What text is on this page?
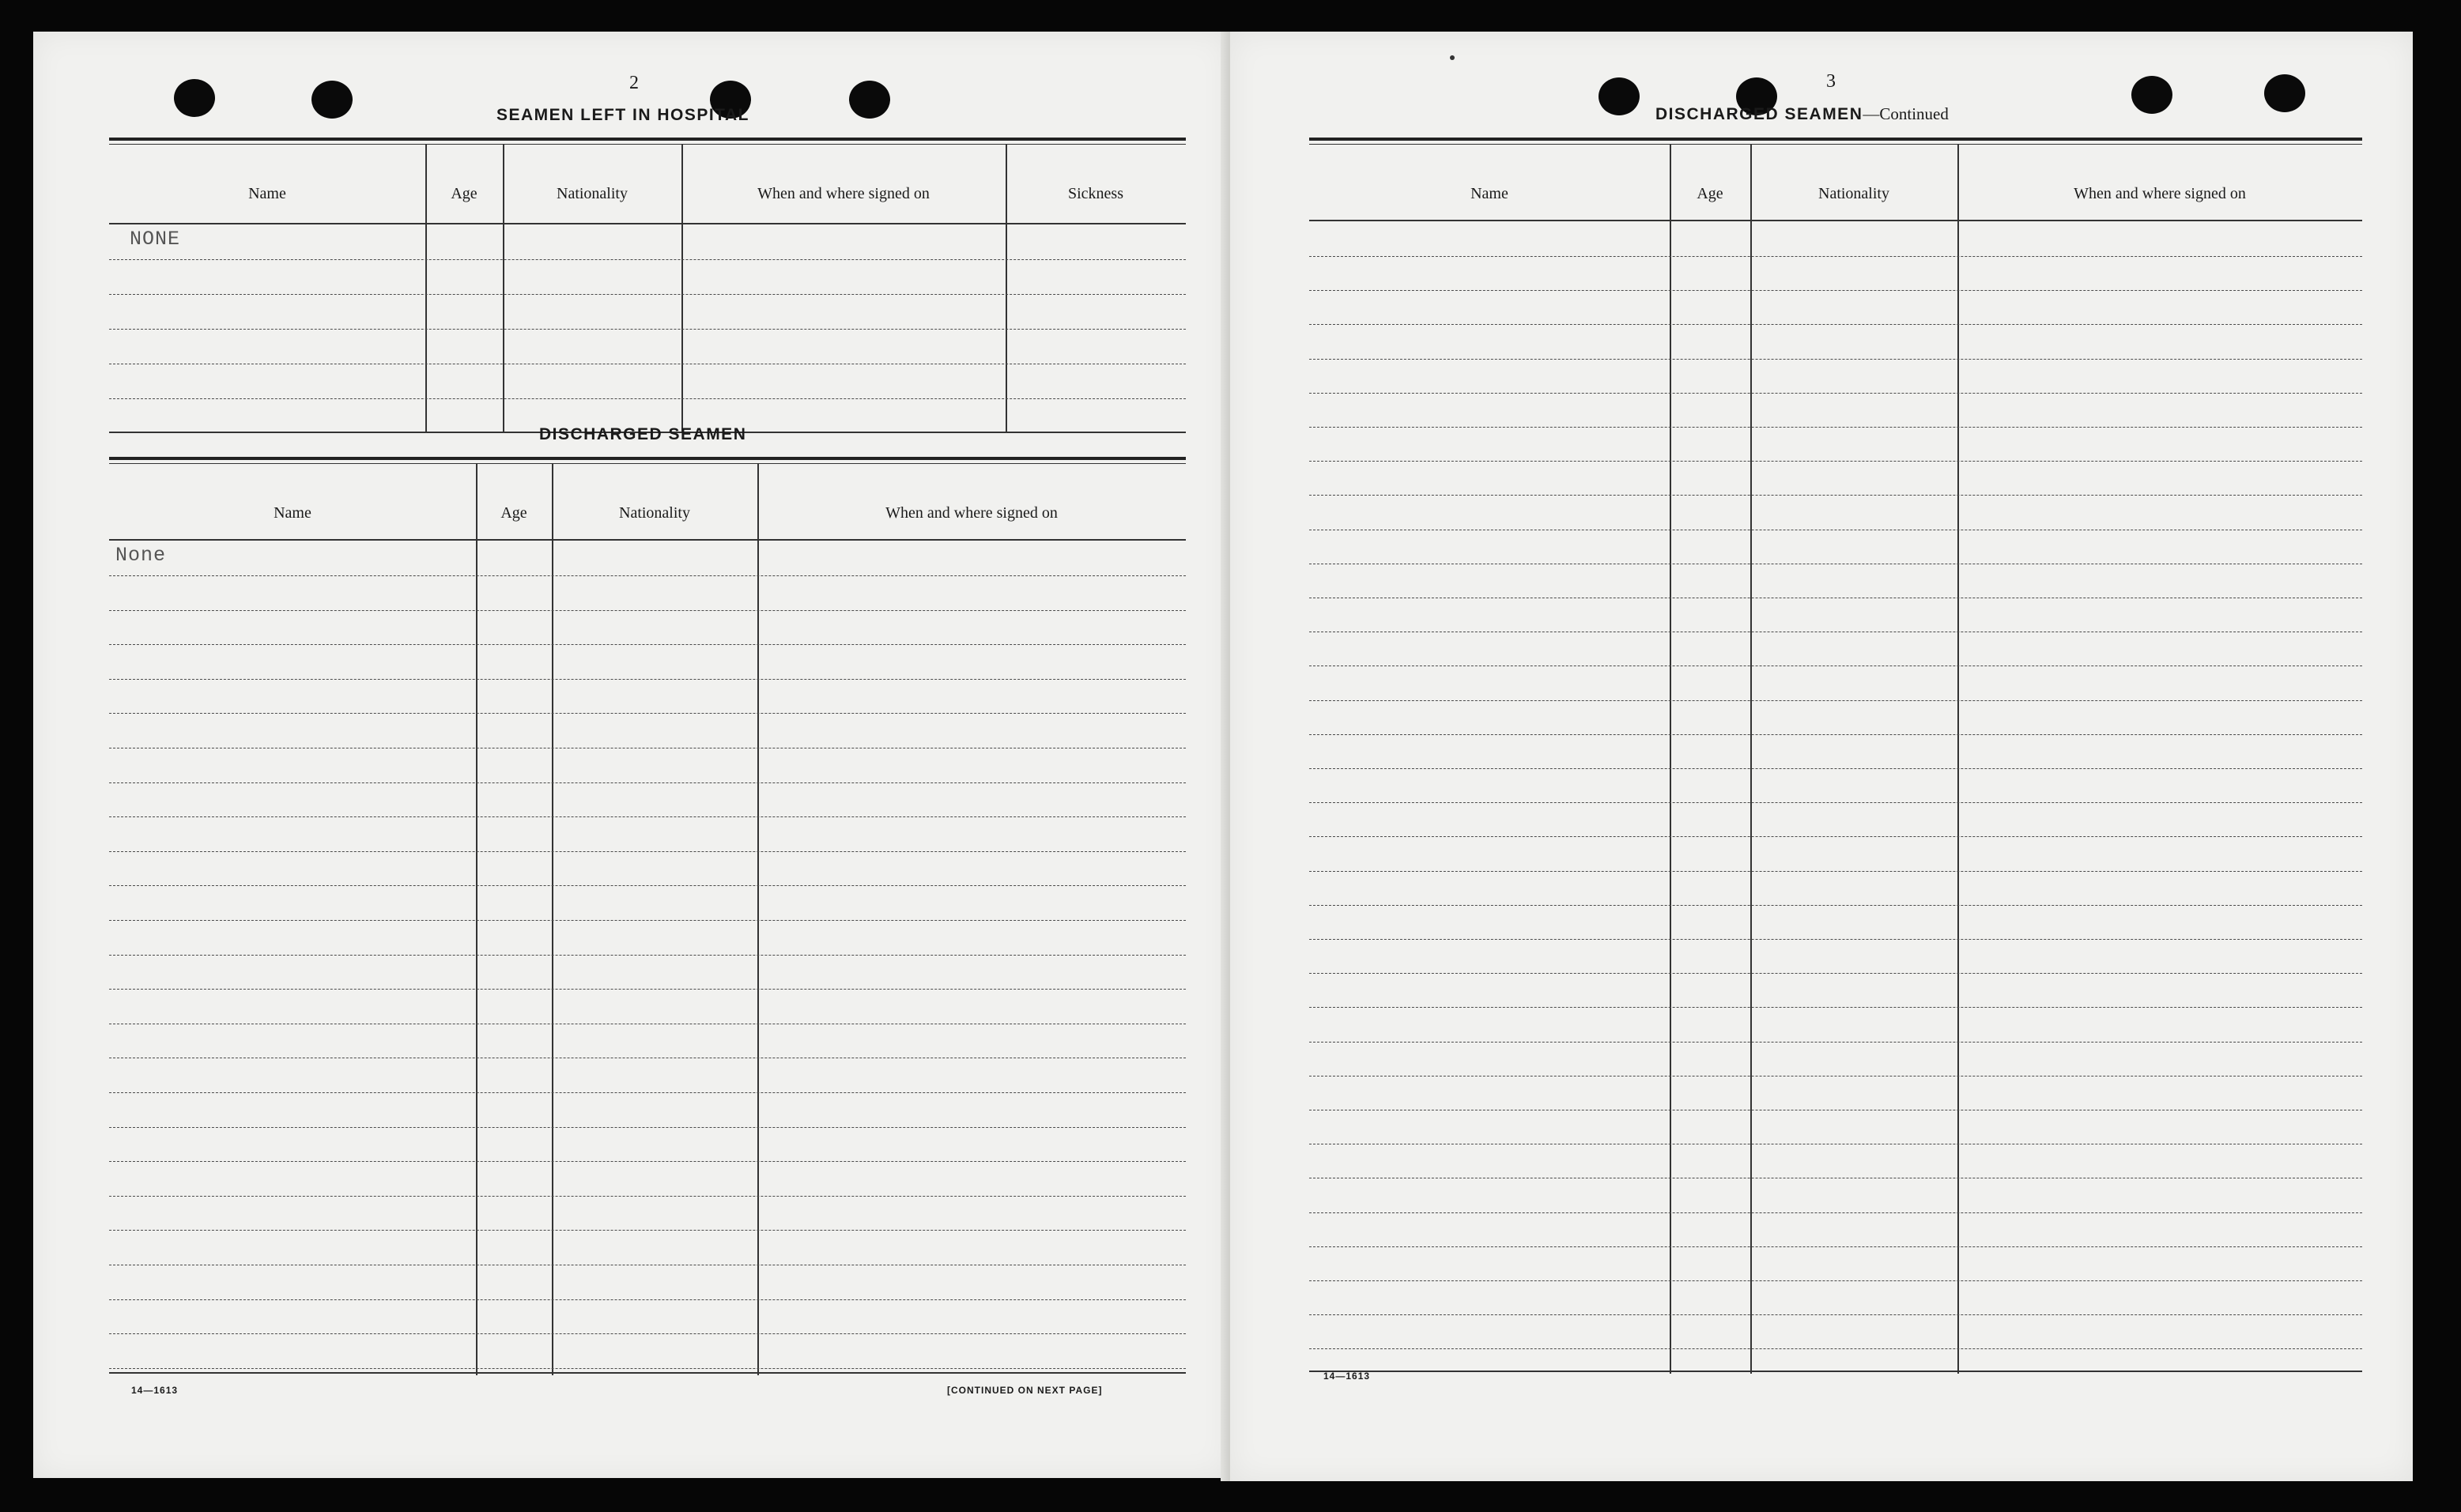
2
SEAMEN LEFT IN HOSPITAL
Name	Age	Nationality	When and where signed on	Sickness
NONE
DISCHARGED SEAMEN
Name	Age	Nationality	When and where signed on
None
14—1613	[CONTINUED ON NEXT PAGE]
3
DISCHARGED SEAMEN—Continued
Name	Age	Nationality	When and where signed on
14—1613
